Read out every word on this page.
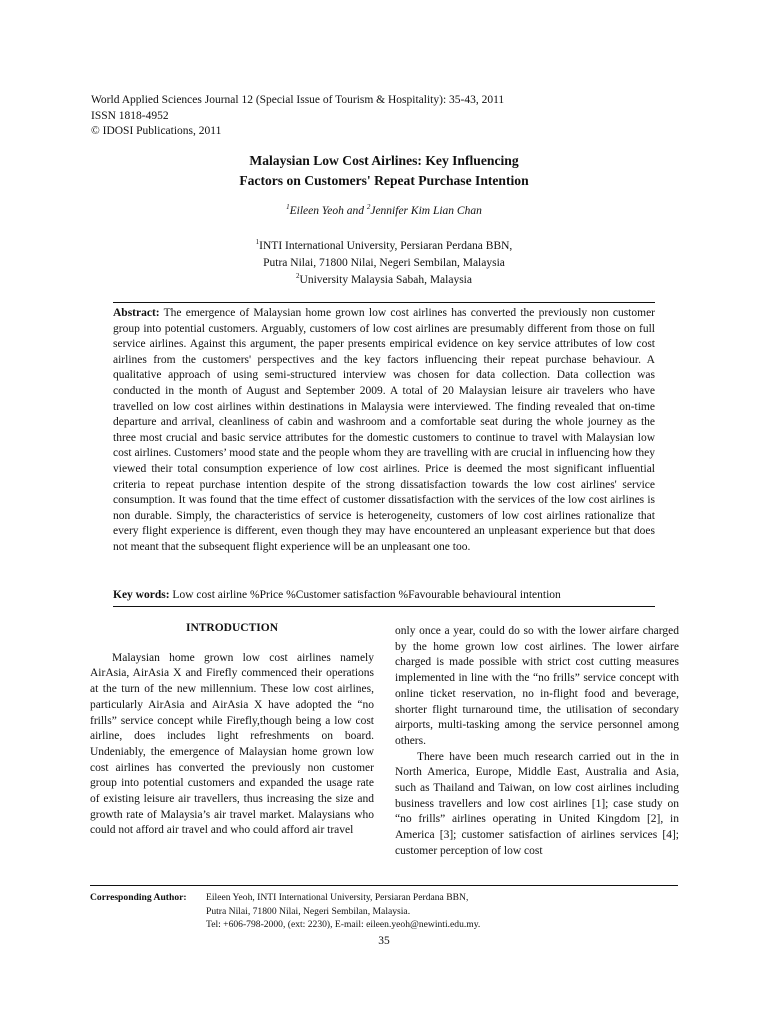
World Applied Sciences Journal 12 (Special Issue of Tourism & Hospitality): 35-43, 2011
ISSN 1818-4952
© IDOSI Publications, 2011
Malaysian Low Cost Airlines: Key Influencing
Factors on Customers' Repeat Purchase Intention
$^1$Eileen Yeoh and $^2$Jennifer Kim Lian Chan
$^1$INTI International University, Persiaran Perdana BBN,
Putra Nilai, 71800 Nilai, Negeri Sembilan, Malaysia
$^2$University Malaysia Sabah, Malaysia
Abstract: The emergence of Malaysian home grown low cost airlines has converted the previously non customer group into potential customers. Arguably, customers of low cost airlines are presumably different from those on full service airlines. Against this argument, the paper presents empirical evidence on key service attributes of low cost airlines from the customers' perspectives and the key factors influencing their repeat purchase behaviour. A qualitative approach of using semi-structured interview was chosen for data collection. Data collection was conducted in the month of August and September 2009. A total of 20 Malaysian leisure air travelers who have travelled on low cost airlines within destinations in Malaysia were interviewed. The finding revealed that on-time departure and arrival, cleanliness of cabin and washroom and a comfortable seat during the whole journey as the three most crucial and basic service attributes for the domestic customers to continue to travel with Malaysian low cost airlines. Customers’ mood state and the people whom they are travelling with are crucial in influencing how they viewed their total consumption experience of low cost airlines. Price is deemed the most significant influential criteria to repeat purchase intention despite of the strong dissatisfaction towards the low cost airlines' service consumption. It was found that the time effect of customer dissatisfaction with the services of the low cost airlines is non durable. Simply, the characteristics of service is heterogeneity, customers of low cost airlines rationalize that every flight experience is different, even though they may have encountered an unpleasant experience but that does not meant that the subsequent flight experience will be an unpleasant one too.
Key words: Low cost airline %Price %Customer satisfaction %Favourable behavioural intention
INTRODUCTION

Malaysian home grown low cost airlines namely AirAsia, AirAsia X and Firefly commenced their operations at the turn of the new millennium. These low cost airlines, particularly AirAsia and AirAsia X have adopted the “no frills” service concept while Firefly,though being a low cost airline, does includes light refreshments on board. Undeniably, the emergence of Malaysian home grown low cost airlines has converted the previously non customer group into potential customers and expanded the usage rate of existing leisure air travellers, thus increasing the size and growth rate of Malaysia’s air travel market. Malaysians who could not afford air travel and who could afford air travel

only once a year, could do so with the lower airfare charged by the home grown low cost airlines. The lower airfare charged is made possible with strict cost cutting measures implemented in line with the “no frills” service concept with online ticket reservation, no in-flight food and beverage, shorter flight turnaround time, the utilisation of secondary airports, multi-tasking among the service personnel among others.

There have been much research carried out in the in North America, Europe, Middle East, Australia and Asia, such as Thailand and Taiwan, on low cost airlines including business travellers and low cost airlines [1]; case study on “no frills” airlines operating in United Kingdom [2], in America [3]; customer satisfaction of airlines services [4]; customer perception of low cost

Corresponding Author: Eileen Yeoh, INTI International University, Persiaran Perdana BBN,
Putra Nilai, 71800 Nilai, Negeri Sembilan, Malaysia.
Tel: +606-798-2000, (ext: 2230), E-mail: eileen.yeoh@newinti.edu.my.
35
